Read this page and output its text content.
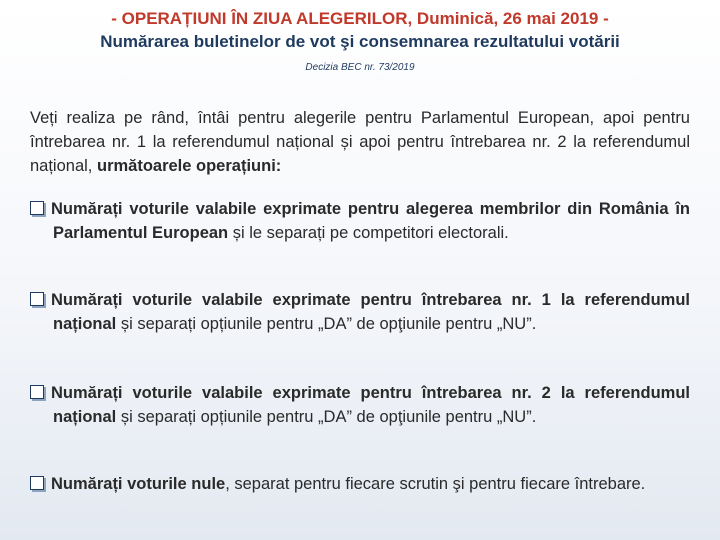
- OPERAȚIUNI ÎN ZIUA ALEGERILOR, Duminică, 26 mai 2019 -

Numărarea buletinelor de vot şi consemnarea rezultatului votării

Decizia BEC nr. 73/2019
Veți realiza pe rând, întâi pentru alegerile pentru Parlamentul European, apoi pentru întrebarea nr. 1 la referendumul național și apoi pentru întrebarea nr. 2 la referendumul național, următoarele operațiuni:
Numărați voturile valabile exprimate pentru alegerea membrilor din România în Parlamentul European și le separați pe competitori electorali.
Numărați voturile valabile exprimate pentru întrebarea nr. 1 la referendumul național și separați opțiunile pentru „DA” de opţiunile pentru „NU”.
Numărați voturile valabile exprimate pentru întrebarea nr. 2 la referendumul național și separați opțiunile pentru „DA” de opţiunile pentru „NU”.
Numărați voturile nule, separat pentru fiecare scrutin şi pentru fiecare întrebare.
